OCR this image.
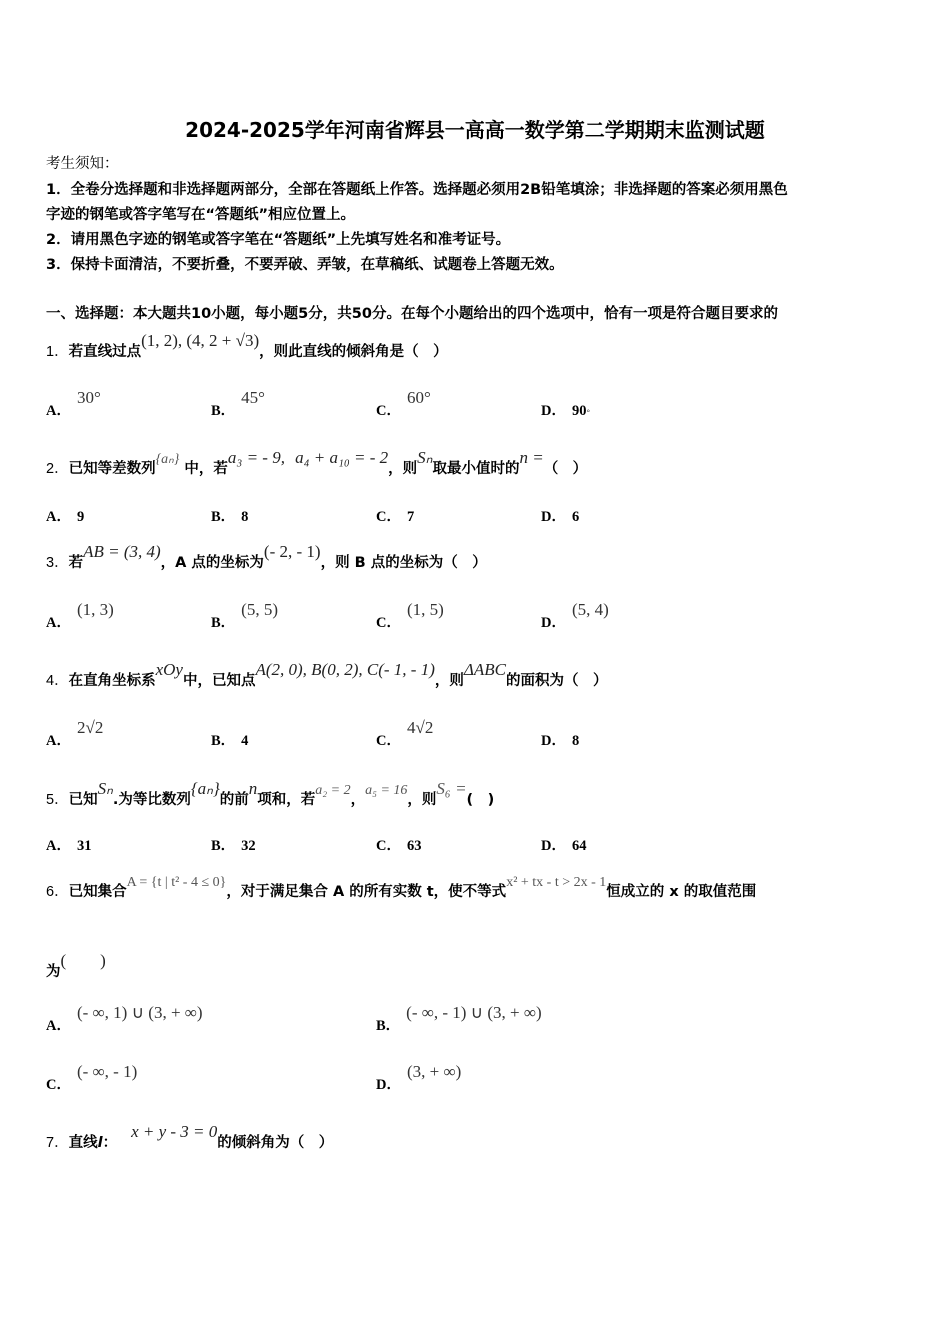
2024-2025学年河南省辉县一高高一数学第二学期期末监测试题
考生须知：
1．全卷分选择题和非选择题两部分，全部在答题纸上作答。选择题必须用2B铅笔填涂；非选择题的答案必须用黑色
字迹的钢笔或答字笔写在“答题纸”相应位置上。
2．请用黑色字迹的钢笔或答字笔在“答题纸”上先填写姓名和准考证号。
3．保持卡面清洁，不要折叠，不要弄破、弄皱，在草稿纸、试题卷上答题无效。
一、选择题：本大题共10小题，每小题5分，共50分。在每个小题给出的四个选项中，恰有一项是符合题目要求的
1．若直线过点(1, 2), (4, 2 + √3)，则此直线的倾斜角是（　）
A．30°
B．45°
C．60°
D． 90◦
2．已知等差数列{aₙ} 中，若a₃ = - 9, a₄ + a₁₀ = - 2，则Sₙ取最小值时的n =（　）
A． 9	B． 8	C． 7	D． 6
3．若AB = (3, 4)，A 点的坐标为(- 2, - 1)，则 B 点的坐标为（　）
A．(1, 3)
B．(5, 5)
C．(1, 5)
D．(5, 4)
4．在直角坐标系xOy中，已知点A(2, 0), B(0, 2), C(- 1, - 1)，则ΔABC的面积为（　）
A．2√2
B． 4	C．4√2
D． 8
5．已知Sₙ.为等比数列{aₙ}的前n项和，若a₂ = 2，a₅ = 16，则S₆ =(　)
A． 31	B． 32	C． 63	D． 64
6．已知集合A = {t | t² - 4 ≤ 0}，对于满足集合 A 的所有实数 t，使不等式x² + tx - t > 2x - 1恒成立的 x 的取值范围
为(　　)
A．(- ∞, 1) ∪ (3, + ∞)
B．(- ∞, - 1) ∪ (3, + ∞)
C．(- ∞, - 1)
D．(3, + ∞)
7．直线l：x + y - 3 = 0的倾斜角为（　）
